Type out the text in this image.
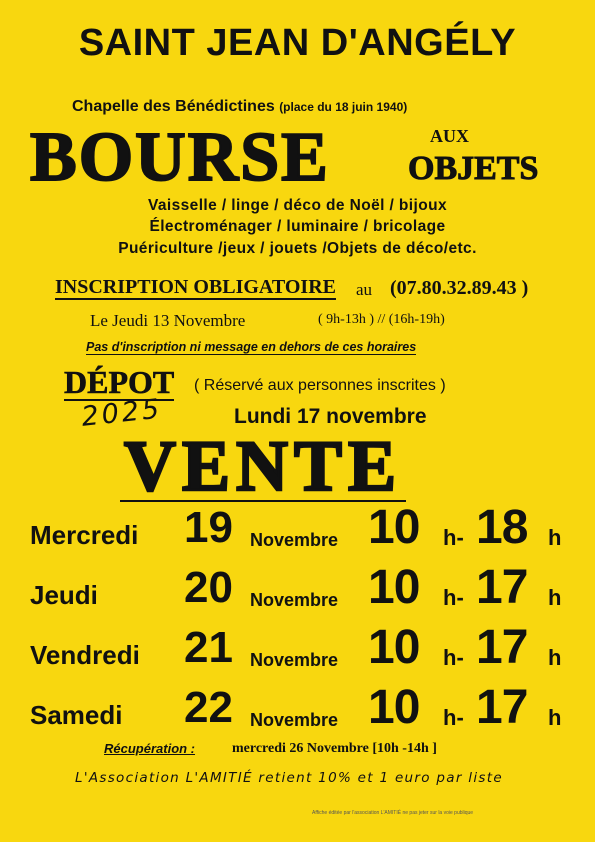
SAINT JEAN D'ANGÉLY
Chapelle des Bénédictines (place du 18 juin 1940)
BOURSE	AUX
OBJETS
Vaisselle / linge / déco de Noël / bijoux
Électroménager / luminaire / bricolage
Puériculture /jeux / jouets /Objets de déco/etc.
INSCRIPTION OBLIGATOIRE au (07.80.32.89.43 )
Le Jeudi 13 Novembre	( 9h-13h ) // (16h-19h)
Pas d'inscription ni message en dehors de ces horaires
DÉPOT ( Réservé aux personnes inscrites )
2025	Lundi 17 novembre
VENTE
Mercredi 19 Novembre 10 h- 18 h
Jeudi 20 Novembre 10 h- 17 h
Vendredi 21 Novembre 10 h- 17 h
Samedi 22 Novembre 10 h- 17 h
Récupération :	mercredi 26 Novembre [10h -14h ]
L'Association L'AMITIÉ retient 10% et 1 euro par liste
Affiche éditée par l'association L'AMITIÉ ne pas jeter sur la voie publique
